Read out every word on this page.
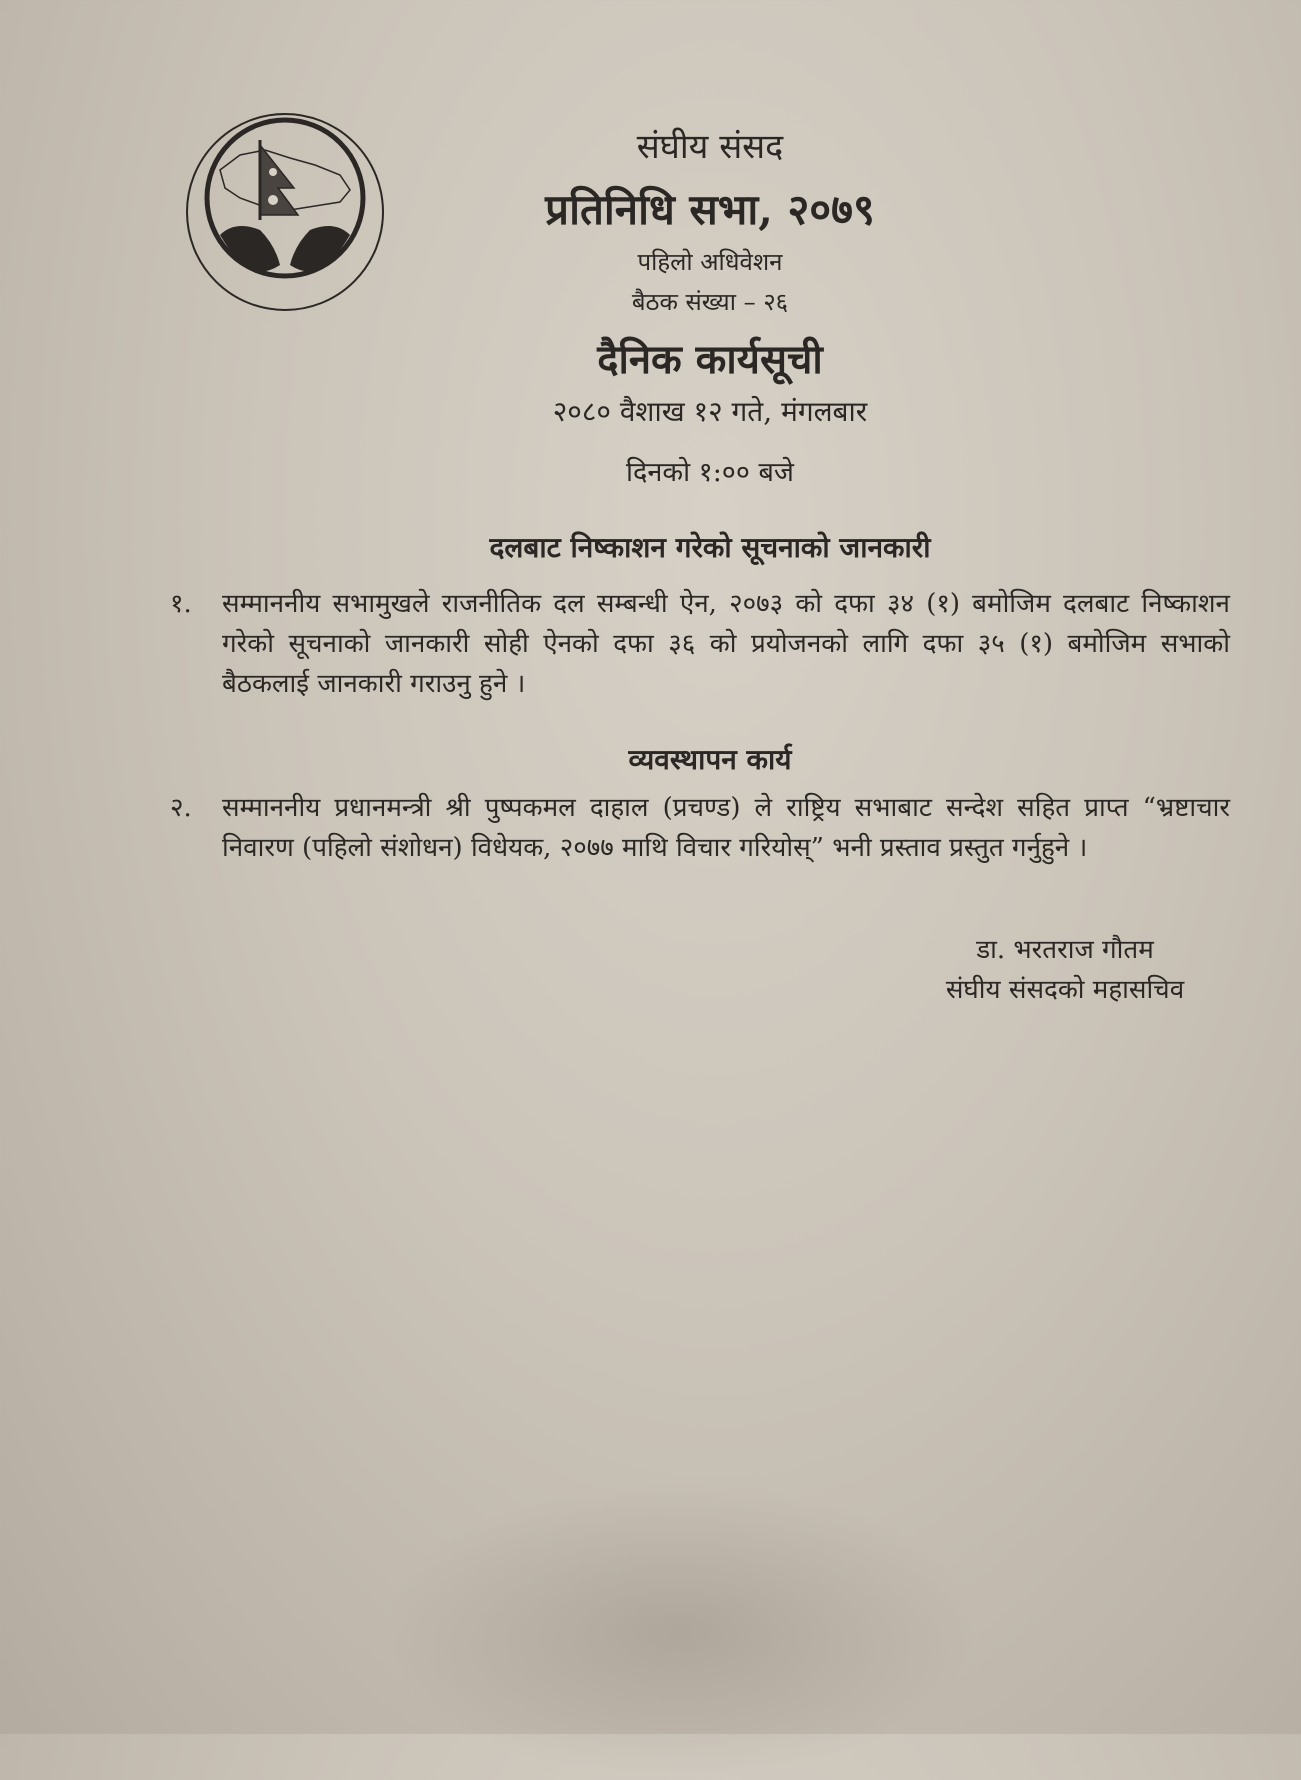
संघीय संसद
प्रतिनिधि सभा, २०७९
पहिलो अधिवेशन
बैठक संख्या – २६
दैनिक कार्यसूची
२०८० वैशाख १२ गते, मंगलबार
दिनको १:०० बजे
दलबाट निष्काशन गरेको सूचनाको जानकारी
१.	सम्माननीय सभामुखले राजनीतिक दल सम्बन्धी ऐन, २०७३ को दफा ३४ (१) बमोजिम दलबाट निष्काशन गरेको सूचनाको जानकारी सोही ऐनको दफा ३६ को प्रयोजनको लागि दफा ३५ (१) बमोजिम सभाको बैठकलाई जानकारी गराउनु हुने ।
व्यवस्थापन कार्य
२.	सम्माननीय प्रधानमन्त्री श्री पुष्पकमल दाहाल (प्रचण्ड) ले राष्ट्रिय सभाबाट सन्देश सहित प्राप्त “भ्रष्टाचार निवारण (पहिलो संशोधन) विधेयक, २०७७ माथि विचार गरियोस्” भनी प्रस्ताव प्रस्तुत गर्नुहुने ।
डा. भरतराज गौतम
संघीय संसदको महासचिव
